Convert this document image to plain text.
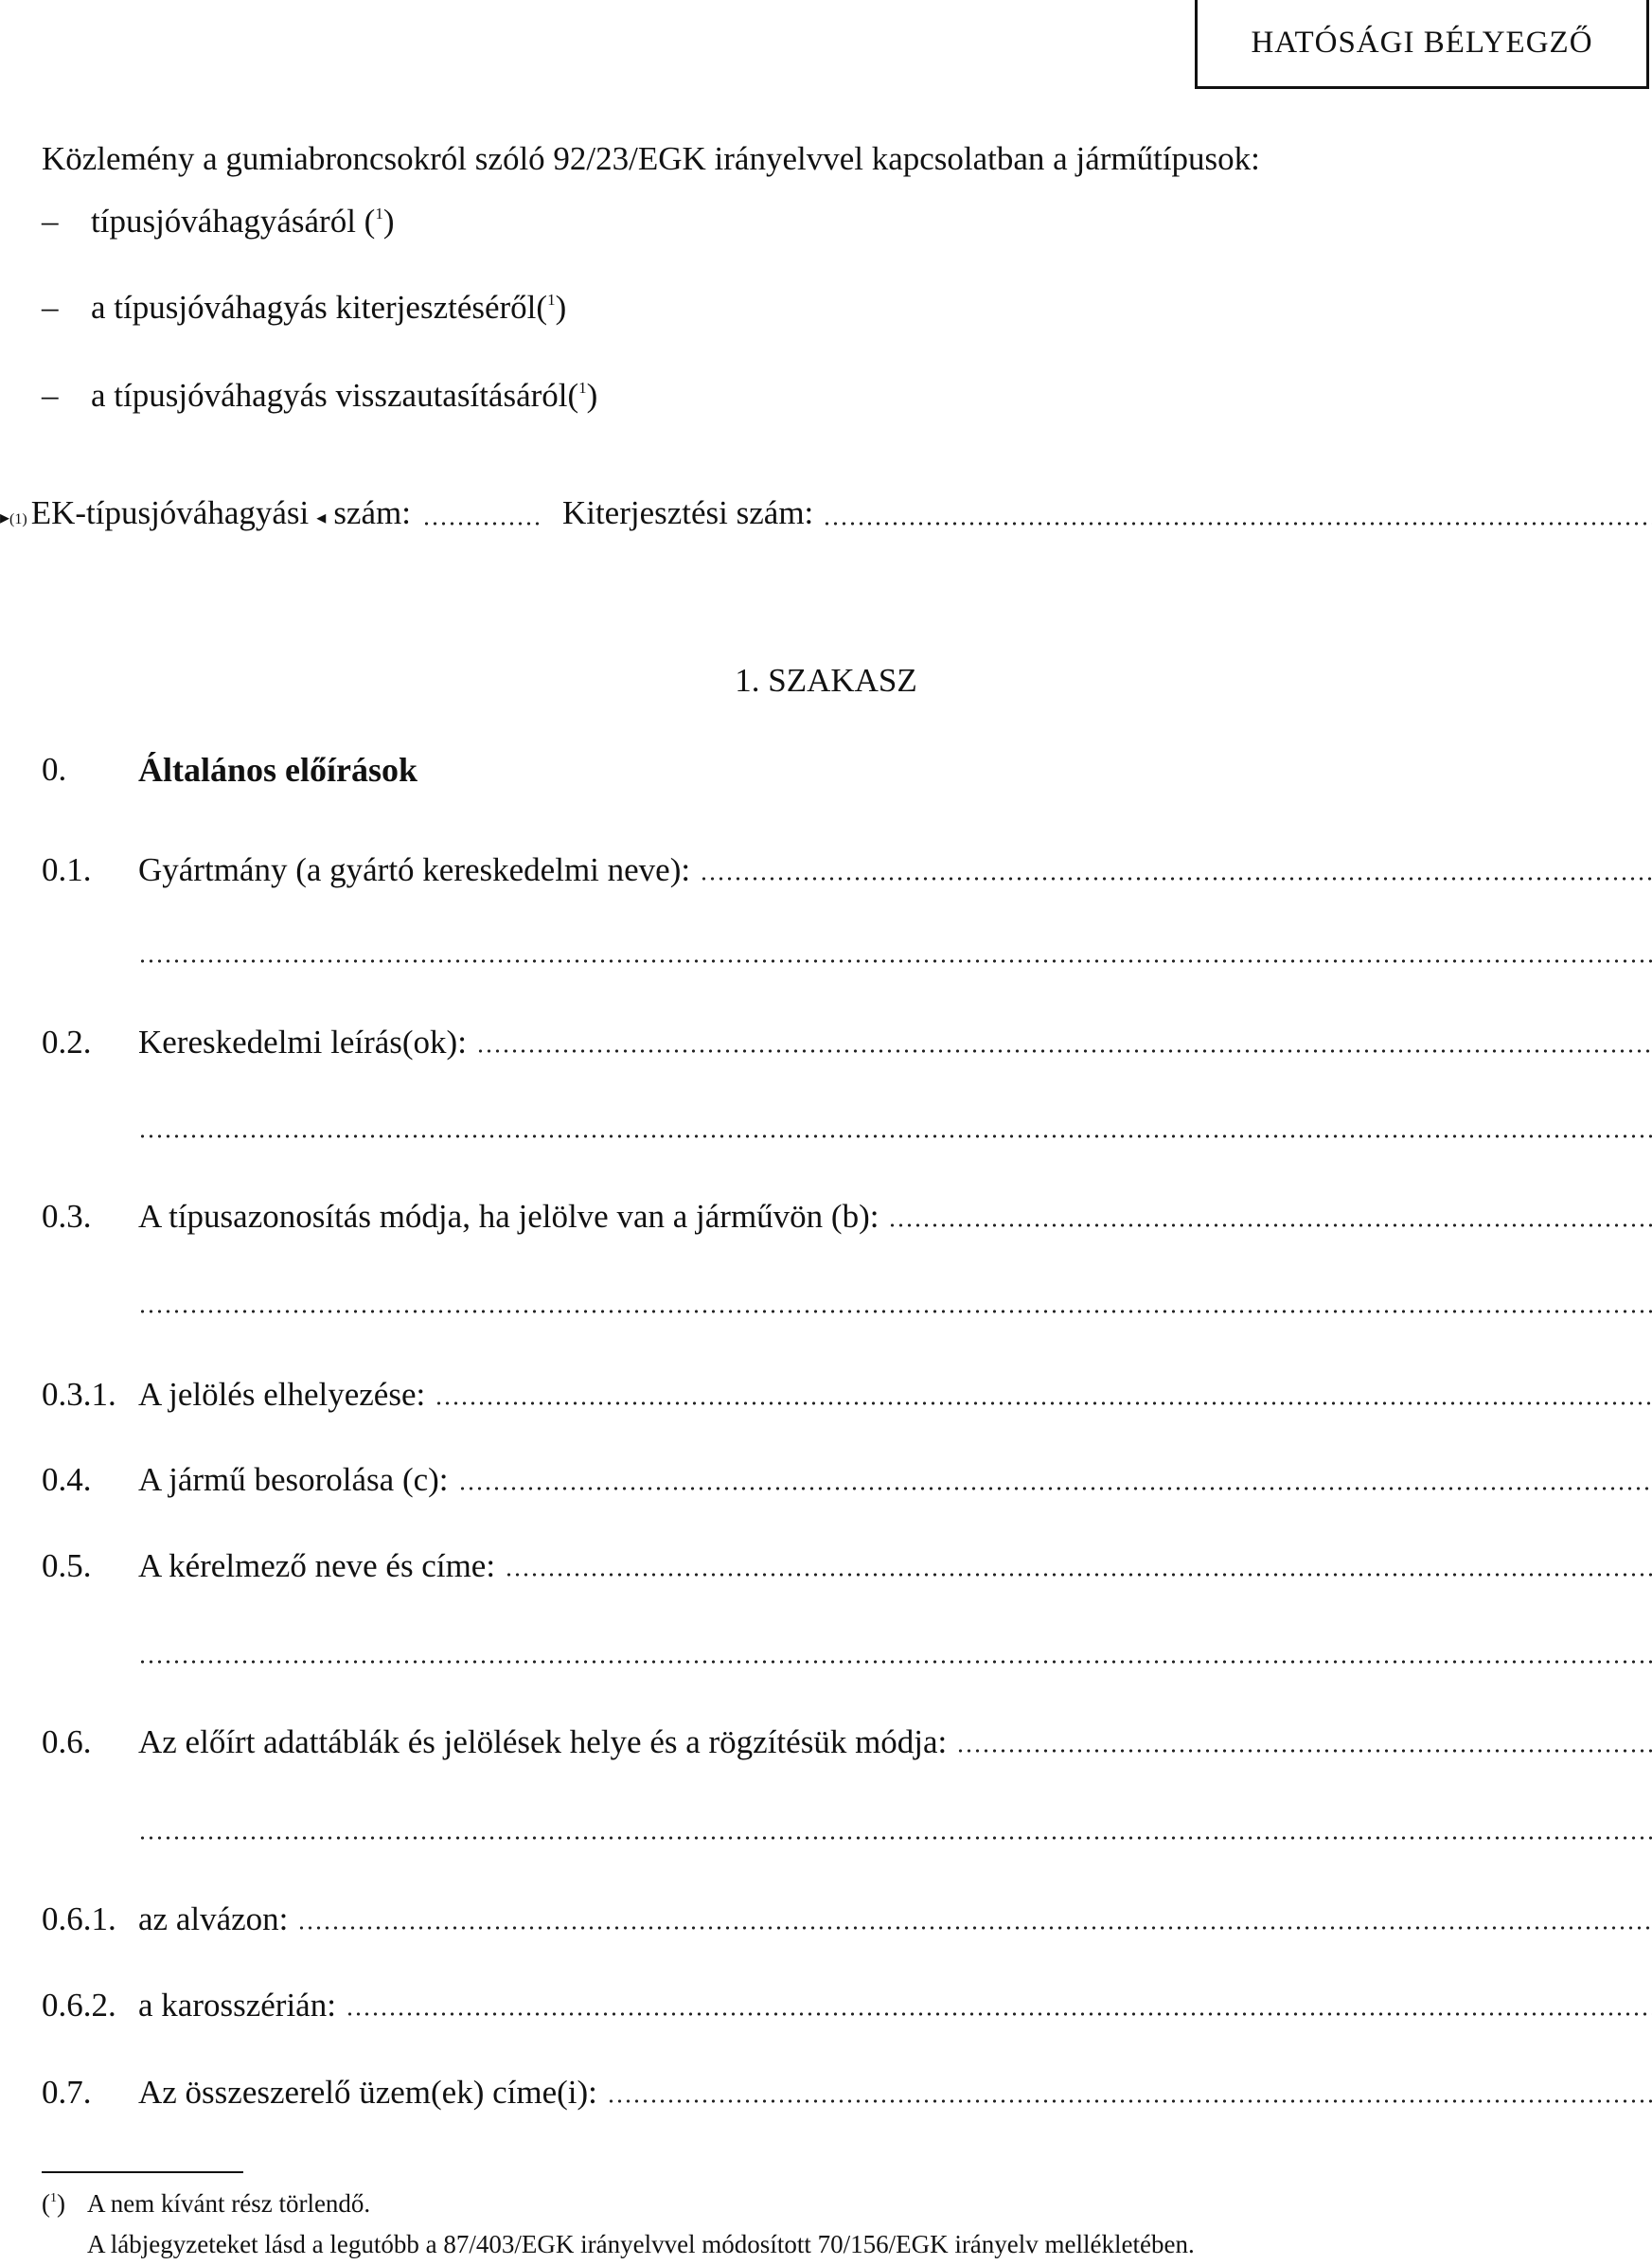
HATÓSÁGI BÉLYEGZŐ
Közlemény a gumiabroncsokról szóló 92/23/EGK irányelvvel kapcsolatban a járműtípusok:
– típusjóváhagyásáról ($^1$)
– a típusjóváhagyás kiterjesztéséről($^1$)
– a típusjóváhagyás visszautasításáról($^1$)
▸ (1) EK-típusjóváhagyási ◂ szám:	Kiterjesztési szám:
1. SZAKASZ
0. Általános előírások
0.1. Gyártmány (a gyártó kereskedelmi neve):
0.2. Kereskedelmi leírás(ok):
0.3. A típusazonosítás módja, ha jelölve van a járművön (b):
0.3.1. A jelölés elhelyezése:
0.4. A jármű besorolása (c):
0.5. A kérelmező neve és címe:
0.6. Az előírt adattáblák és jelölések helye és a rögzítésük módja:
0.6.1. az alvázon:
0.6.2. a karosszérián:
0.7. Az összeszerelő üzem(ek) címe(i):
($^1$) A nem kívánt rész törlendő.
A lábjegyzeteket lásd a legutóbb a 87/403/EGK irányelvvel módosított 70/156/EGK irányelv mellékletében.
